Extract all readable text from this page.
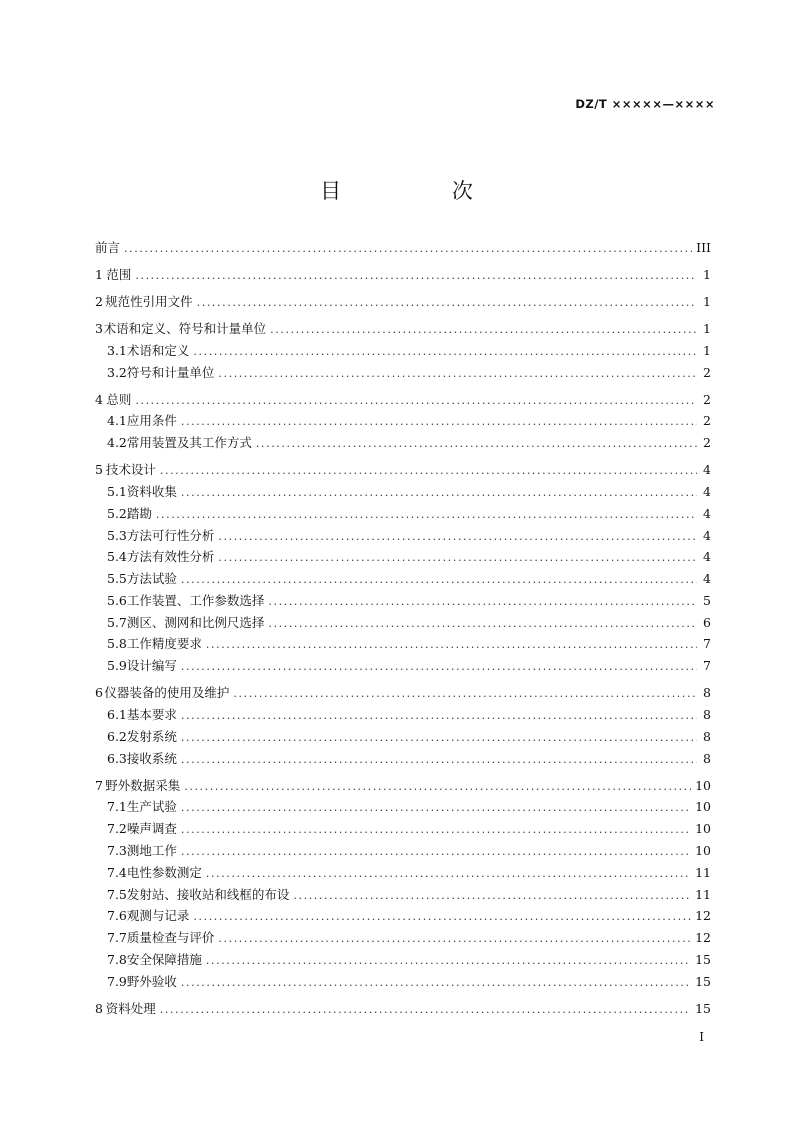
DZ/T ×××××—××××
目 次
前言 .....	III
1 范围 .....	1
2 规范性引用文件 .....	1
3 术语和定义、符号和计量单位 .....	1
3.1 术语和定义 .....	1
3.2 符号和计量单位 .....	2
4 总则 .....	2
4.1 应用条件 .....	2
4.2 常用装置及其工作方式 .....	2
5 技术设计 .....	4
5.1 资料收集 .....	4
5.2 踏勘 .....	4
5.3 方法可行性分析 .....	4
5.4 方法有效性分析 .....	4
5.5 方法试验 .....	4
5.6 工作装置、工作参数选择 .....	5
5.7 测区、测网和比例尺选择 .....	6
5.8 工作精度要求 .....	7
5.9 设计编写 .....	7
6 仪器装备的使用及维护 .....	8
6.1 基本要求 .....	8
6.2 发射系统 .....	8
6.3 接收系统 .....	8
7 野外数据采集 .....	10
7.1 生产试验 .....	10
7.2 噪声调查 .....	10
7.3 测地工作 .....	10
7.4 电性参数测定 .....	11
7.5 发射站、接收站和线框的布设 .....	11
7.6 观测与记录 .....	12
7.7 质量检查与评价 .....	12
7.8 安全保障措施 .....	15
7.9 野外验收 .....	15
8 资料处理 .....	15
I
